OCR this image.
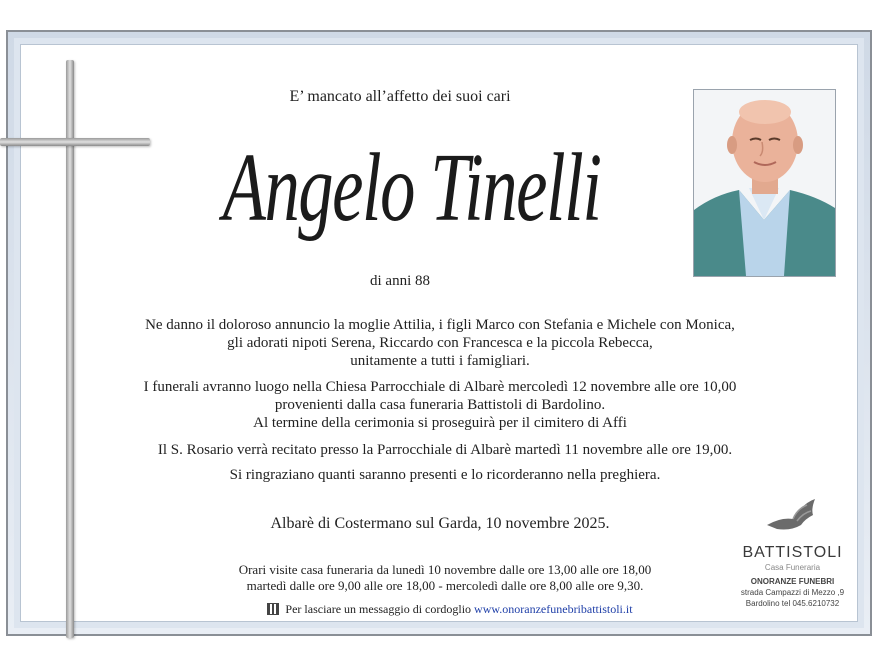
E’ mancato all’affetto dei suoi cari
Angelo Tinelli
di anni 88
Ne danno il doloroso annuncio la moglie Attilia, i figli Marco con Stefania e Michele con Monica,
gli adorati nipoti Serena, Riccardo con Francesca e la piccola Rebecca,
unitamente a tutti i famigliari.
I funerali avranno luogo nella Chiesa Parrocchiale di Albarè mercoledì 12 novembre alle ore 10,00
provenienti dalla casa funeraria Battistoli di Bardolino.
Al termine della cerimonia si proseguirà per il cimitero di Affi
Il S. Rosario verrà recitato presso la Parrocchiale di Albarè martedì 11 novembre alle ore 19,00.
Si ringraziano quanti saranno presenti e lo ricorderanno nella preghiera.
Albarè di Costermano sul Garda, 10 novembre 2025.
Orari visite casa funeraria da lunedì 10 novembre dalle ore 13,00 alle ore 18,00
martedì dalle ore 9,00 alle ore 18,00 - mercoledì dalle ore 8,00 alle ore 9,30.
Per lasciare un messaggio di cordoglio www.onoranzefunebribattistoli.it
BATTISTOLI
Casa Funeraria
ONORANZE FUNEBRI
strada Campazzi di Mezzo ,9
Bardolino tel 045.6210732
